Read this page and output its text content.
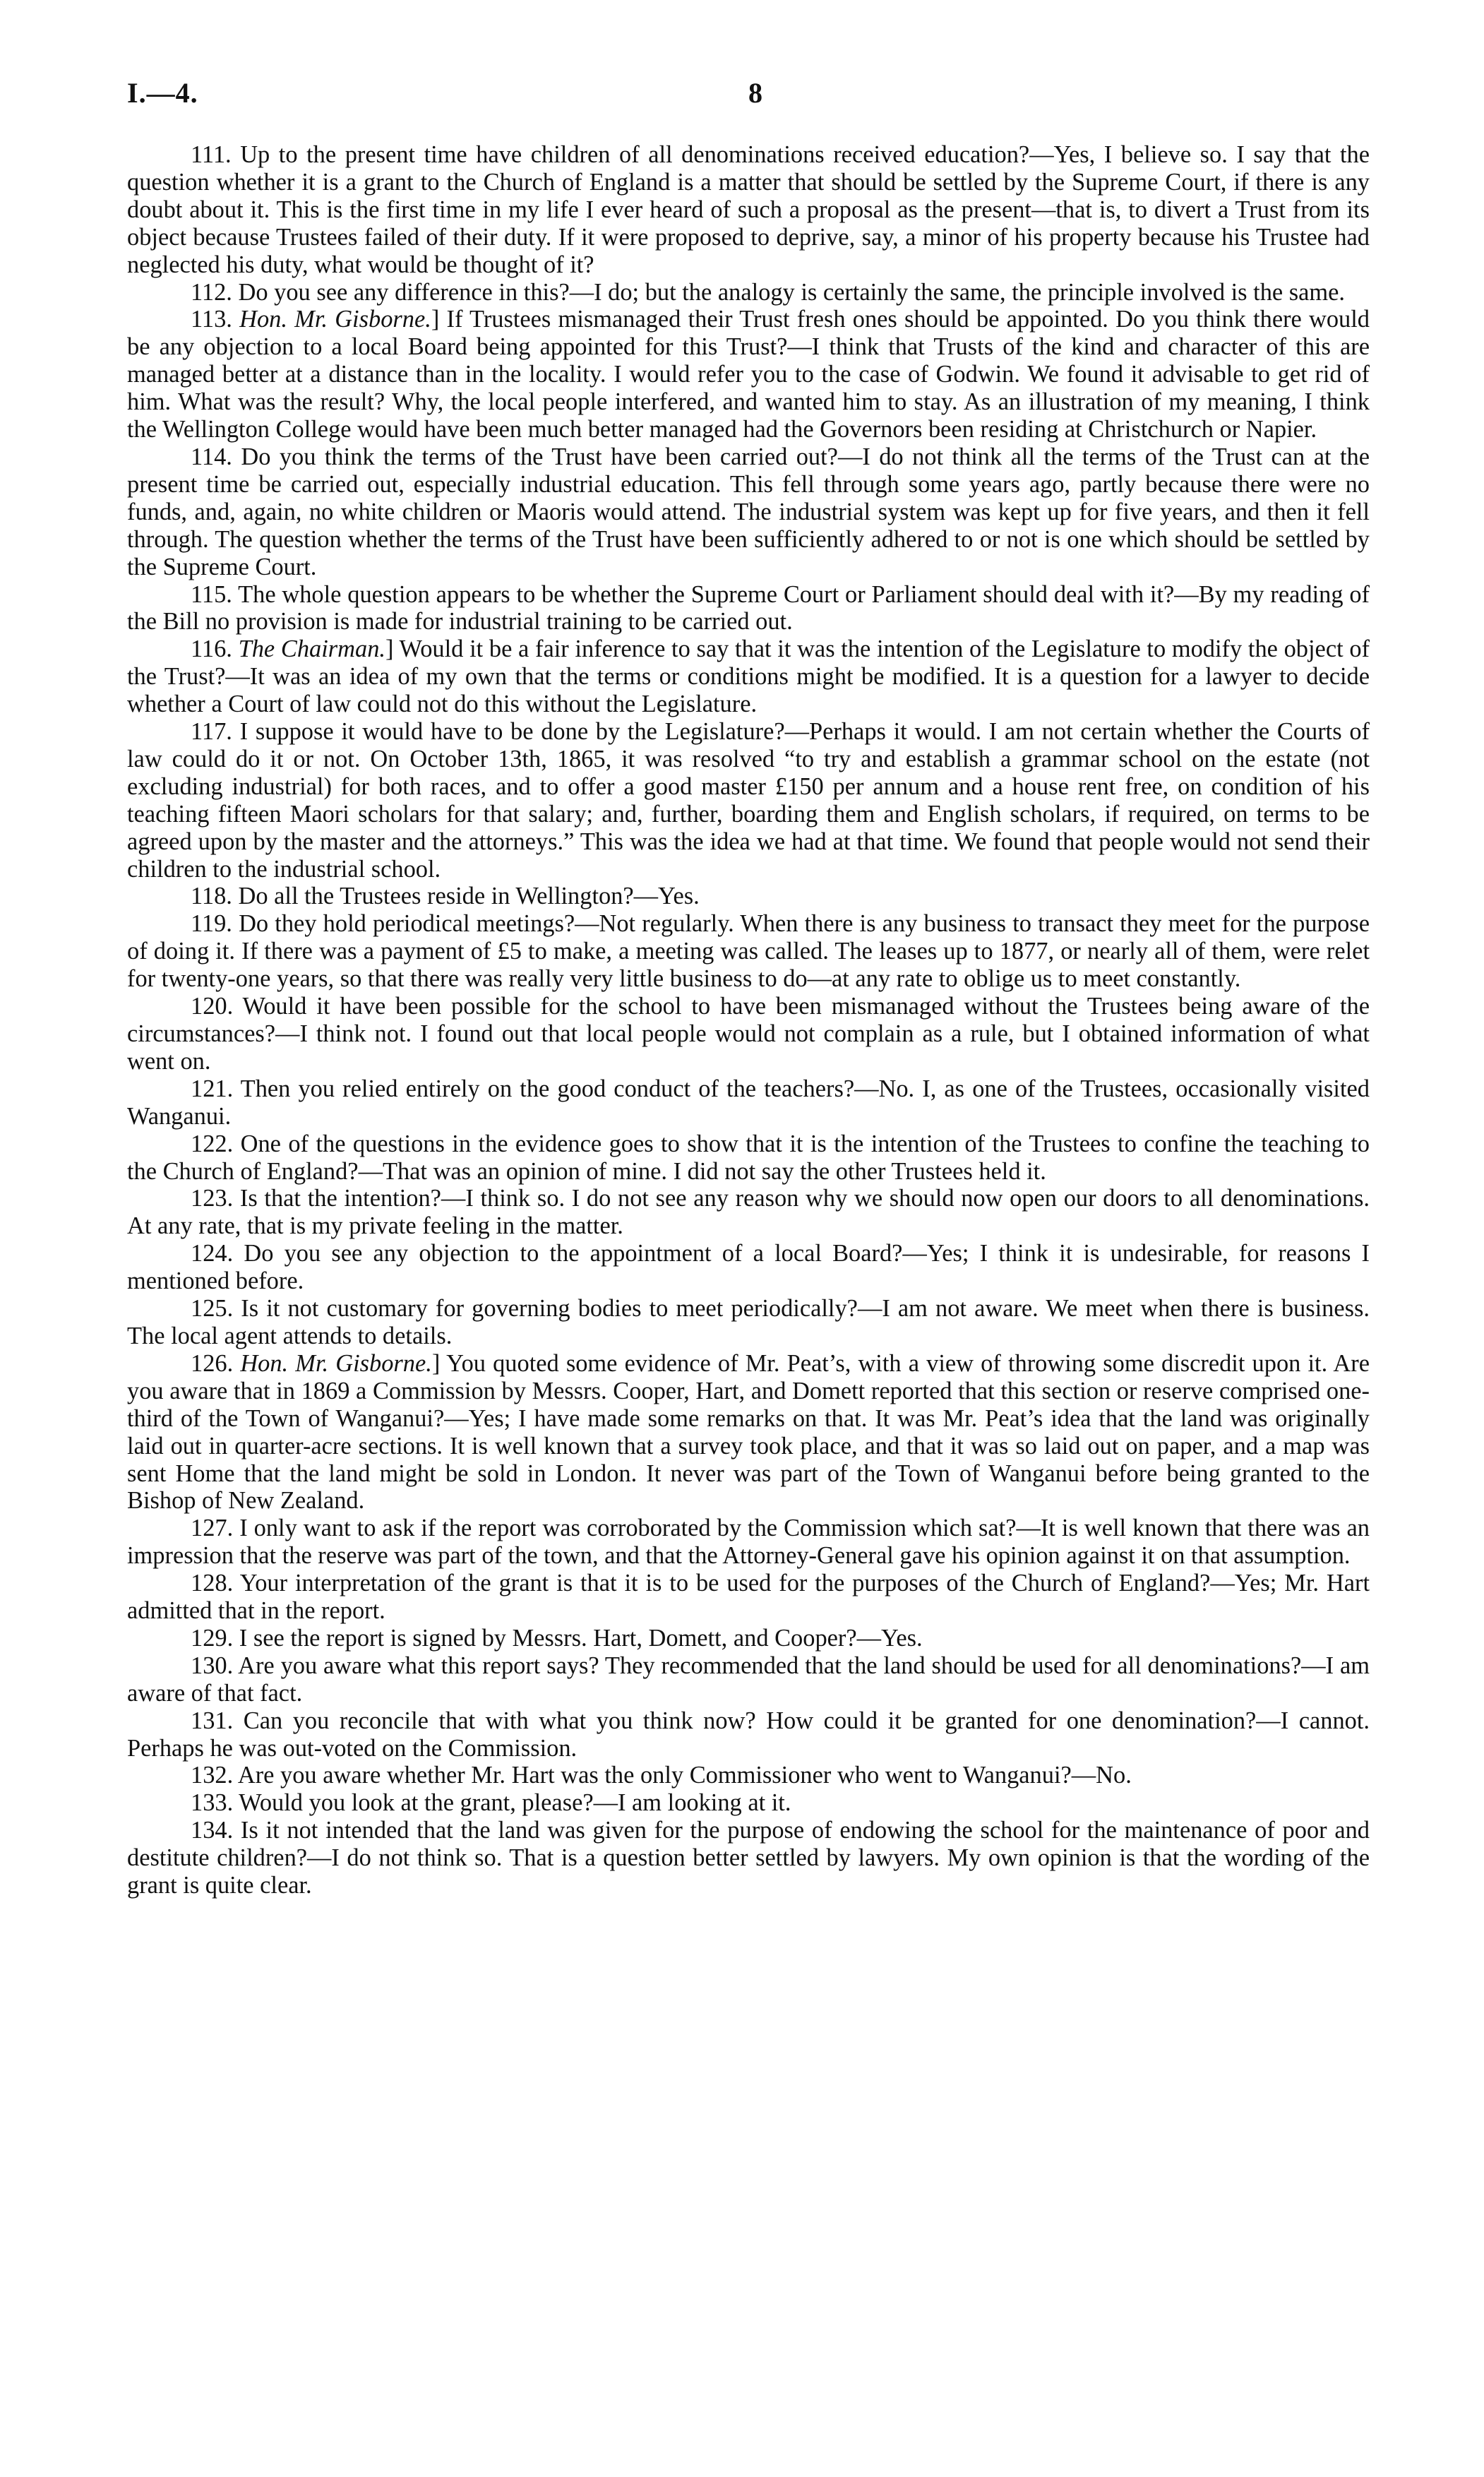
I.—4.	8

111. Up to the present time have children of all denominations received education?—Yes, I believe so. I say that the question whether it is a grant to the Church of England is a matter that should be settled by the Supreme Court, if there is any doubt about it. This is the first time in my life I ever heard of such a proposal as the present—that is, to divert a Trust from its object because Trustees failed of their duty. If it were proposed to deprive, say, a minor of his property because his Trustee had neglected his duty, what would be thought of it?

112. Do you see any difference in this?—I do; but the analogy is certainly the same, the principle involved is the same.

113. Hon. Mr. Gisborne.] If Trustees mismanaged their Trust fresh ones should be appointed. Do you think there would be any objection to a local Board being appointed for this Trust?—I think that Trusts of the kind and character of this are managed better at a distance than in the locality. I would refer you to the case of Godwin. We found it advisable to get rid of him. What was the result? Why, the local people interfered, and wanted him to stay. As an illustration of my meaning, I think the Wellington College would have been much better managed had the Governors been residing at Christchurch or Napier.

114. Do you think the terms of the Trust have been carried out?—I do not think all the terms of the Trust can at the present time be carried out, especially industrial education. This fell through some years ago, partly because there were no funds, and, again, no white children or Maoris would attend. The industrial system was kept up for five years, and then it fell through. The question whether the terms of the Trust have been sufficiently adhered to or not is one which should be settled by the Supreme Court.

115. The whole question appears to be whether the Supreme Court or Parliament should deal with it?—By my reading of the Bill no provision is made for industrial training to be carried out.

116. The Chairman.] Would it be a fair inference to say that it was the intention of the Legislature to modify the object of the Trust?—It was an idea of my own that the terms or conditions might be modified. It is a question for a lawyer to decide whether a Court of law could not do this without the Legislature.

117. I suppose it would have to be done by the Legislature?—Perhaps it would. I am not certain whether the Courts of law could do it or not. On October 13th, 1865, it was resolved “to try and establish a grammar school on the estate (not excluding industrial) for both races, and to offer a good master £150 per annum and a house rent free, on condition of his teaching fifteen Maori scholars for that salary; and, further, boarding them and English scholars, if required, on terms to be agreed upon by the master and the attorneys.” This was the idea we had at that time. We found that people would not send their children to the industrial school.

118. Do all the Trustees reside in Wellington?—Yes.

119. Do they hold periodical meetings?—Not regularly. When there is any business to transact they meet for the purpose of doing it. If there was a payment of £5 to make, a meeting was called. The leases up to 1877, or nearly all of them, were relet for twenty-one years, so that there was really very little business to do—at any rate to oblige us to meet constantly.

120. Would it have been possible for the school to have been mismanaged without the Trustees being aware of the circumstances?—I think not. I found out that local people would not complain as a rule, but I obtained information of what went on.

121. Then you relied entirely on the good conduct of the teachers?—No. I, as one of the Trustees, occasionally visited Wanganui.

122. One of the questions in the evidence goes to show that it is the intention of the Trustees to confine the teaching to the Church of England?—That was an opinion of mine. I did not say the other Trustees held it.

123. Is that the intention?—I think so. I do not see any reason why we should now open our doors to all denominations. At any rate, that is my private feeling in the matter.

124. Do you see any objection to the appointment of a local Board?—Yes; I think it is undesirable, for reasons I mentioned before.

125. Is it not customary for governing bodies to meet periodically?—I am not aware. We meet when there is business. The local agent attends to details.

126. Hon. Mr. Gisborne.] You quoted some evidence of Mr. Peat’s, with a view of throwing some discredit upon it. Are you aware that in 1869 a Commission by Messrs. Cooper, Hart, and Domett reported that this section or reserve comprised one-third of the Town of Wanganui?—Yes; I have made some remarks on that. It was Mr. Peat’s idea that the land was originally laid out in quarter-acre sections. It is well known that a survey took place, and that it was so laid out on paper, and a map was sent Home that the land might be sold in London. It never was part of the Town of Wanganui before being granted to the Bishop of New Zealand.

127. I only want to ask if the report was corroborated by the Commission which sat?—It is well known that there was an impression that the reserve was part of the town, and that the Attorney-General gave his opinion against it on that assumption.

128. Your interpretation of the grant is that it is to be used for the purposes of the Church of England?—Yes; Mr. Hart admitted that in the report.

129. I see the report is signed by Messrs. Hart, Domett, and Cooper?—Yes.

130. Are you aware what this report says? They recommended that the land should be used for all denominations?—I am aware of that fact.

131. Can you reconcile that with what you think now? How could it be granted for one denomination?—I cannot. Perhaps he was out-voted on the Commission.

132. Are you aware whether Mr. Hart was the only Commissioner who went to Wanganui?—No.

133. Would you look at the grant, please?—I am looking at it.

134. Is it not intended that the land was given for the purpose of endowing the school for the maintenance of poor and destitute children?—I do not think so. That is a question better settled by lawyers. My own opinion is that the wording of the grant is quite clear.
